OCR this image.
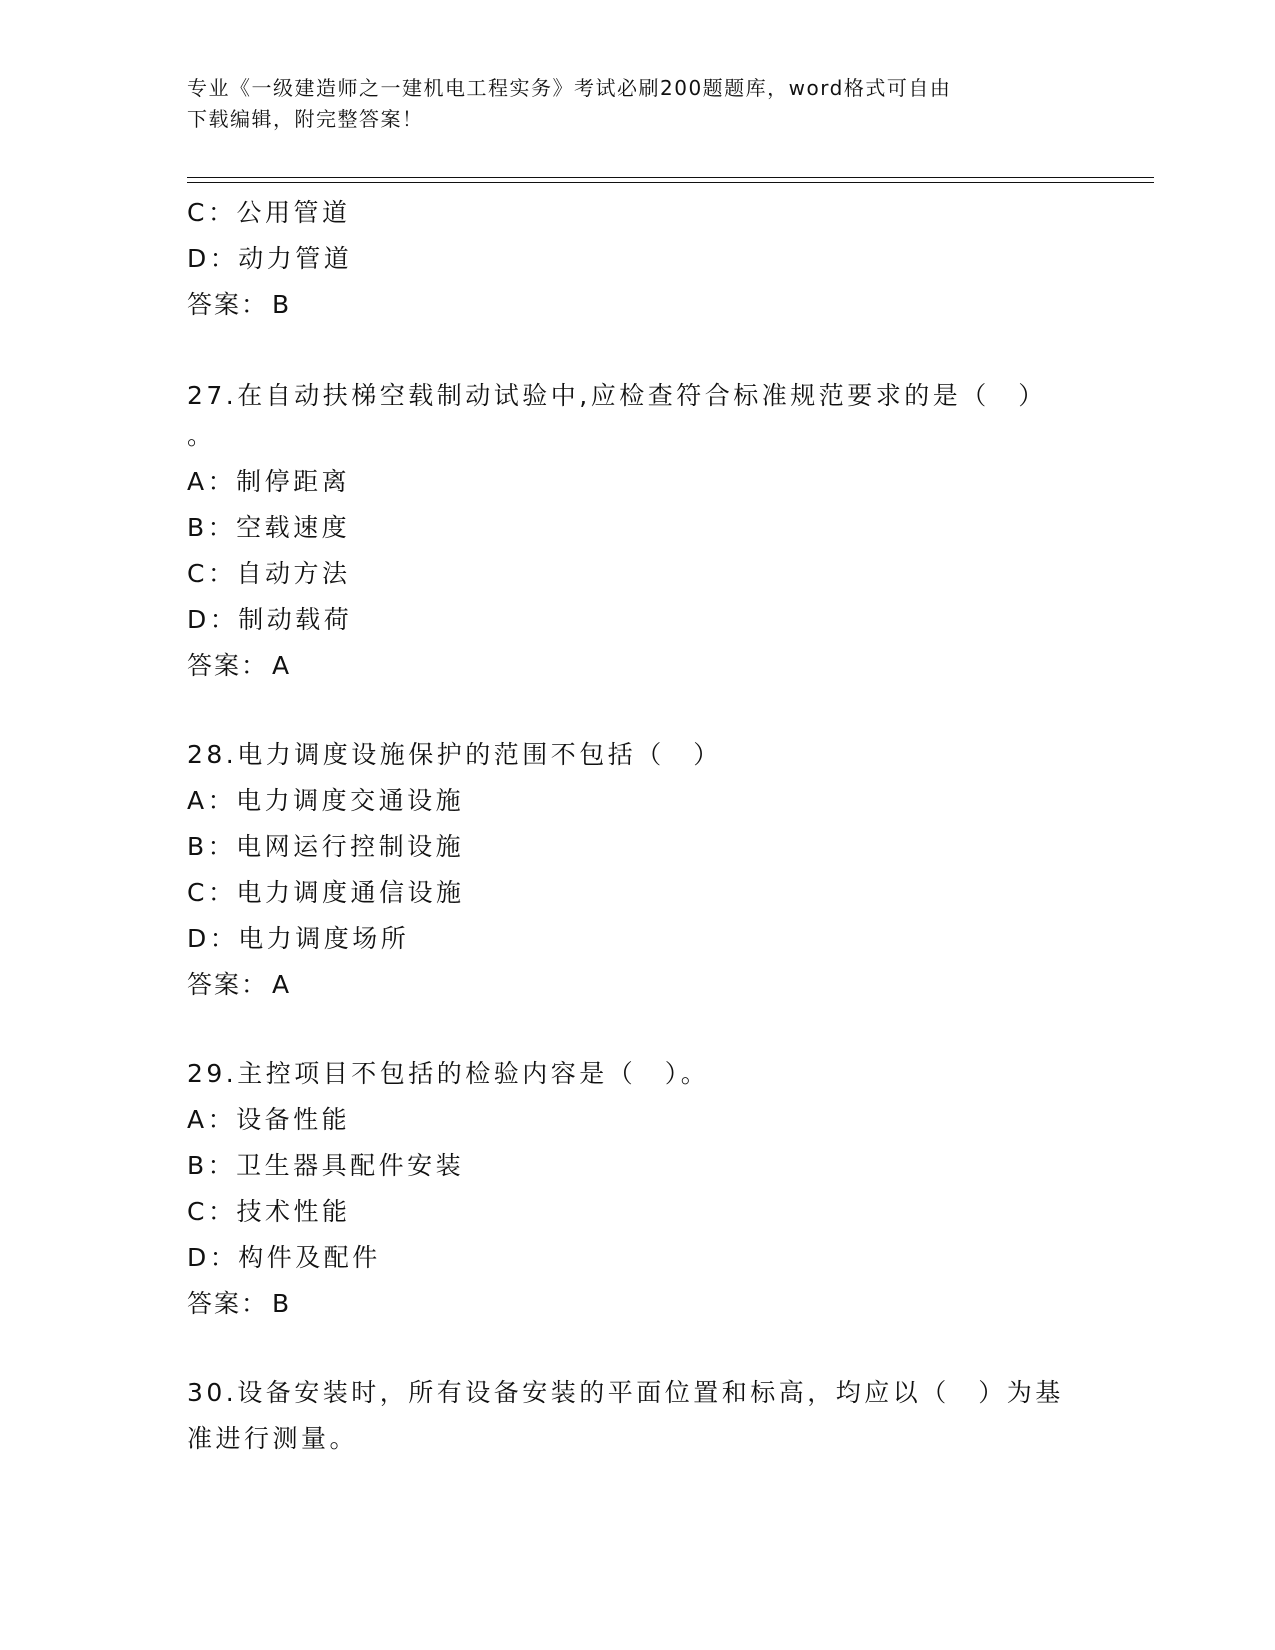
专业《一级建造师之一建机电工程实务》考试必刷200题题库，word格式可自由

下载编辑，附完整答案！

C：公用管道
D：动力管道
答案： B
27.在自动扶梯空载制动试验中,应检查符合标准规范要求的是（　）
。
A：制停距离
B：空载速度
C：自动方法
D：制动载荷
答案： A
28.电力调度设施保护的范围不包括（　）
A：电力调度交通设施
B：电网运行控制设施
C：电力调度通信设施
D：电力调度场所
答案： A
29.主控项目不包括的检验内容是（　）。
A：设备性能
B：卫生器具配件安装
C：技术性能
D：构件及配件
答案： B
30.设备安装时，所有设备安装的平面位置和标高，均应以（　）为基
准进行测量。
